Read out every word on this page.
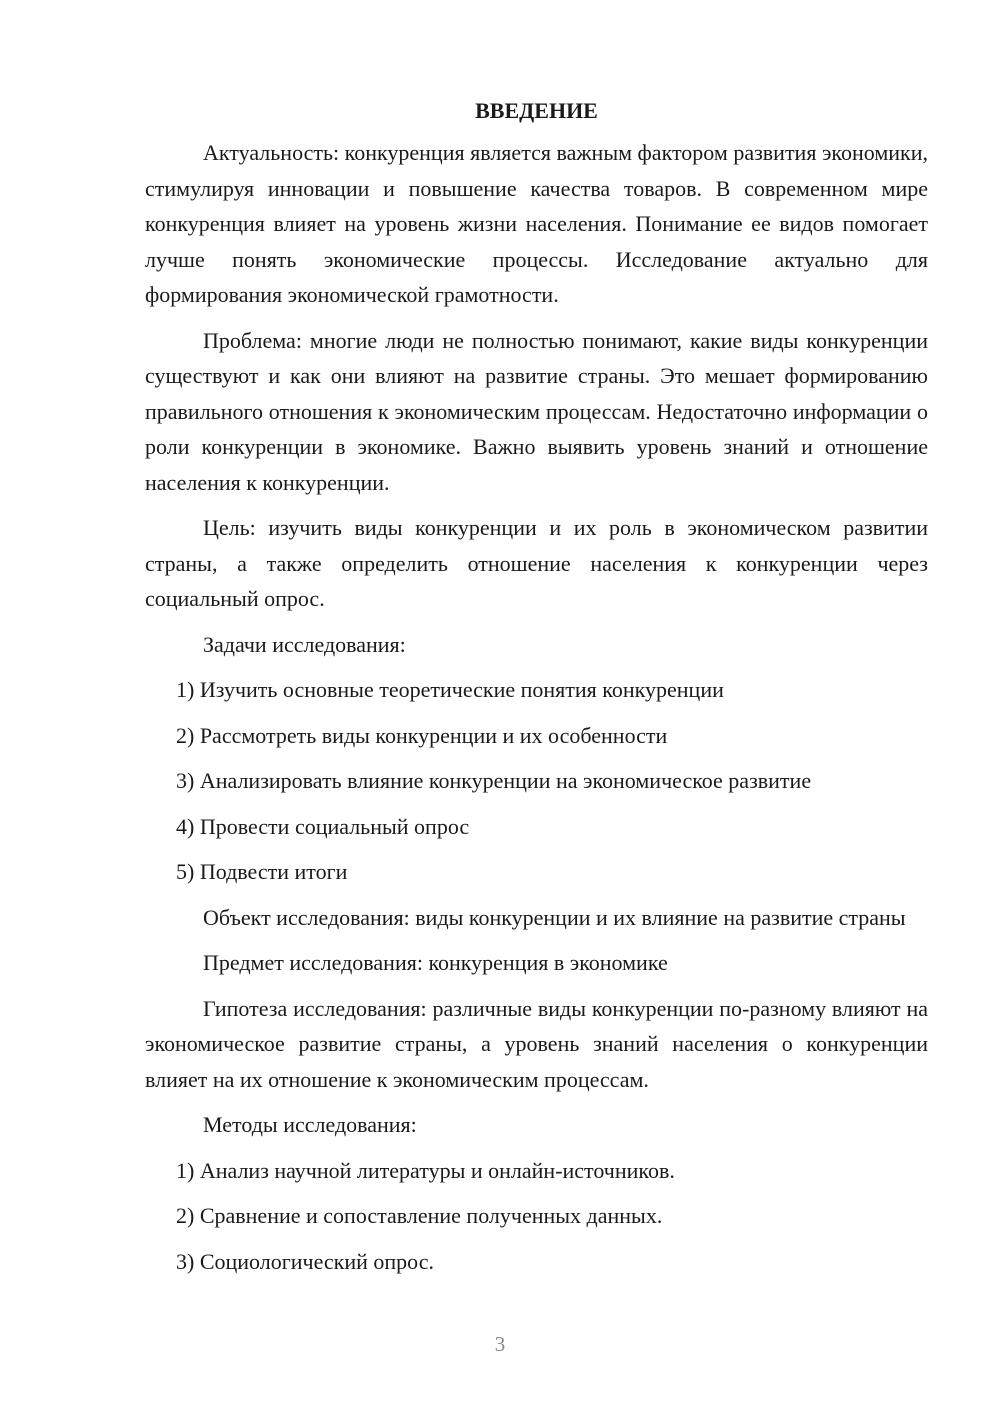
ВВЕДЕНИЕ

Актуальность: конкуренция является важным фактором развития экономики, стимулируя инновации и повышение качества товаров. В современном мире конкуренция влияет на уровень жизни населения. Понимание ее видов помогает лучше понять экономические процессы. Исследование актуально для формирования экономической грамотности.

Проблема: многие люди не полностью понимают, какие виды конкуренции существуют и как они влияют на развитие страны. Это мешает формированию правильного отношения к экономическим процессам. Недостаточно информации о роли конкуренции в экономике. Важно выявить уровень знаний и отношение населения к конкуренции.

Цель: изучить виды конкуренции и их роль в экономическом развитии страны, а также определить отношение населения к конкуренции через социальный опрос.

Задачи исследования:

1) Изучить основные теоретические понятия конкуренции
2) Рассмотреть виды конкуренции и их особенности
3) Анализировать влияние конкуренции на экономическое развитие
4) Провести социальный опрос
5) Подвести итоги

Объект исследования: виды конкуренции и их влияние на развитие страны

Предмет исследования: конкуренция в экономике

Гипотеза исследования: различные виды конкуренции по-разному влияют на экономическое развитие страны, а уровень знаний населения о конкуренции влияет на их отношение к экономическим процессам.

Методы исследования:

1) Анализ научной литературы и онлайн-источников.
2) Сравнение и сопоставление полученных данных.
3) Социологический опрос.
3
